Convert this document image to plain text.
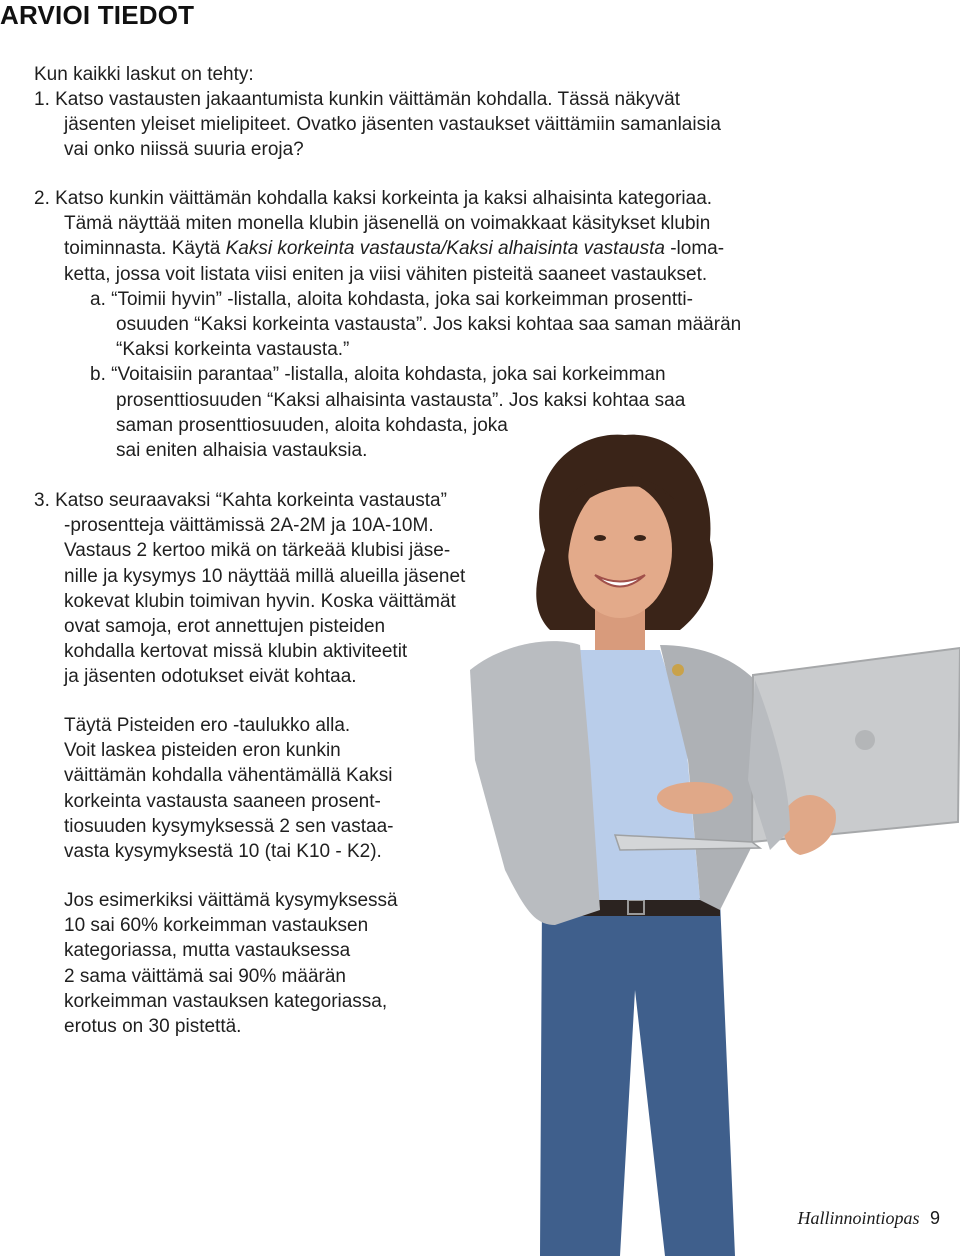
ARVIOI TIEDOT
Kun kaikki laskut on tehty:
1. Katso vastausten jakaantumista kunkin väittämän kohdalla. Tässä näkyvät
jäsenten yleiset mielipiteet. Ovatko jäsenten vastaukset väittämiin samanlaisia
vai onko niissä suuria eroja?
2. Katso kunkin väittämän kohdalla kaksi korkeinta ja kaksi alhaisinta kategoriaa.
Tämä näyttää miten monella klubin jäsenellä on voimakkaat käsitykset klubin
toiminnasta. Käytä Kaksi korkeinta vastausta/Kaksi alhaisinta vastausta -loma-
ketta, jossa voit listata viisi eniten ja viisi vähiten pisteitä saaneet vastaukset.
a. “Toimii hyvin” -listalla, aloita kohdasta, joka sai korkeimman prosentti-
osuuden “Kaksi korkeinta vastausta”. Jos kaksi kohtaa saa saman määrän
“Kaksi korkeinta vastausta.”
b. “Voitaisiin parantaa” -listalla, aloita kohdasta, joka sai korkeimman
prosenttiosuuden “Kaksi alhaisinta vastausta”. Jos kaksi kohtaa saa
saman prosenttiosuuden, aloita kohdasta, joka
sai eniten alhaisia vastauksia.
3. Katso seuraavaksi “Kahta korkeinta vastausta”
-prosentteja väittämissä 2A-2M ja 10A-10M.
Vastaus 2 kertoo mikä on tärkeää klubisi jäse-
nille ja kysymys 10 näyttää millä alueilla jäsenet
kokevat klubin toimivan hyvin. Koska väittämät
ovat samoja, erot annettujen pisteiden
kohdalla kertovat missä klubin aktiviteetit
ja jäsenten odotukset eivät kohtaa.
Täytä Pisteiden ero -taulukko alla.
Voit laskea pisteiden eron kunkin
väittämän kohdalla vähentämällä Kaksi
korkeinta vastausta saaneen prosent-
tiosuuden kysymyksessä 2 sen vastaa-
vasta kysymyksestä 10 (tai K10 - K2).
Jos esimerkiksi väittämä kysymyksessä
10 sai 60% korkeimman vastauksen
kategoriassa, mutta vastauksessa
2 sama väittämä sai 90% määrän
korkeimman vastauksen kategoriassa,
erotus on 30 pistettä.
Hallinnointiopas 9
